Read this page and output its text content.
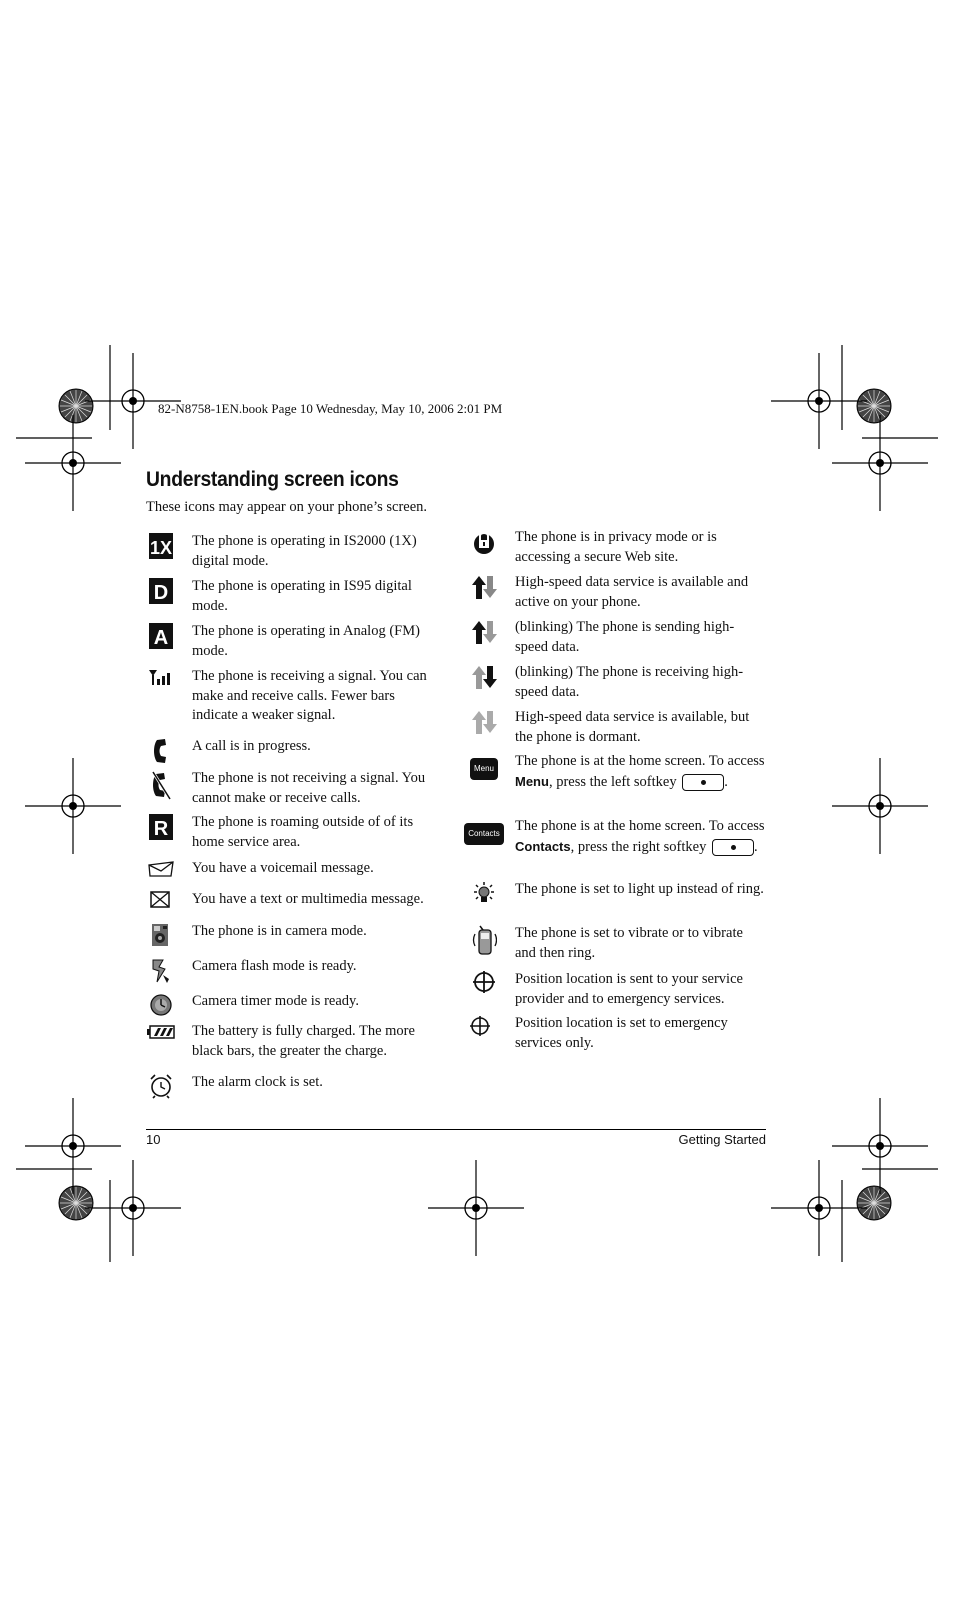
82-N8758-1EN.book Page 10 Wednesday, May 10, 2006 2:01 PM
Understanding screen icons
These icons may appear on your phone’s screen.
1X The phone is operating in IS2000 (1X) digital mode.
D The phone is operating in IS95 digital mode.
A The phone is operating in Analog (FM) mode.
The phone is receiving a signal. You can make and receive calls. Fewer bars indicate a weaker signal.
A call is in progress.
The phone is not receiving a signal. You cannot make or receive calls.
R The phone is roaming outside of of its home service area.
You have a voicemail message.
You have a text or multimedia message.
The phone is in camera mode.
Camera flash mode is ready.
Camera timer mode is ready.
The battery is fully charged. The more black bars, the greater the charge.
The alarm clock is set.
The phone is in privacy mode or is accessing a secure Web site.
High-speed data service is available and active on your phone.
(blinking) The phone is sending high-speed data.
(blinking) The phone is receiving high-speed data.
High-speed data service is available, but the phone is dormant.
Menu The phone is at the home screen. To access Menu, press the left softkey	.
Contacts The phone is at the home screen. To access Contacts, press the right softkey	.
The phone is set to light up instead of ring.
The phone is set to vibrate or to vibrate and then ring.
Position location is sent to your service provider and to emergency services.
Position location is set to emergency services only.
10	Getting Started
